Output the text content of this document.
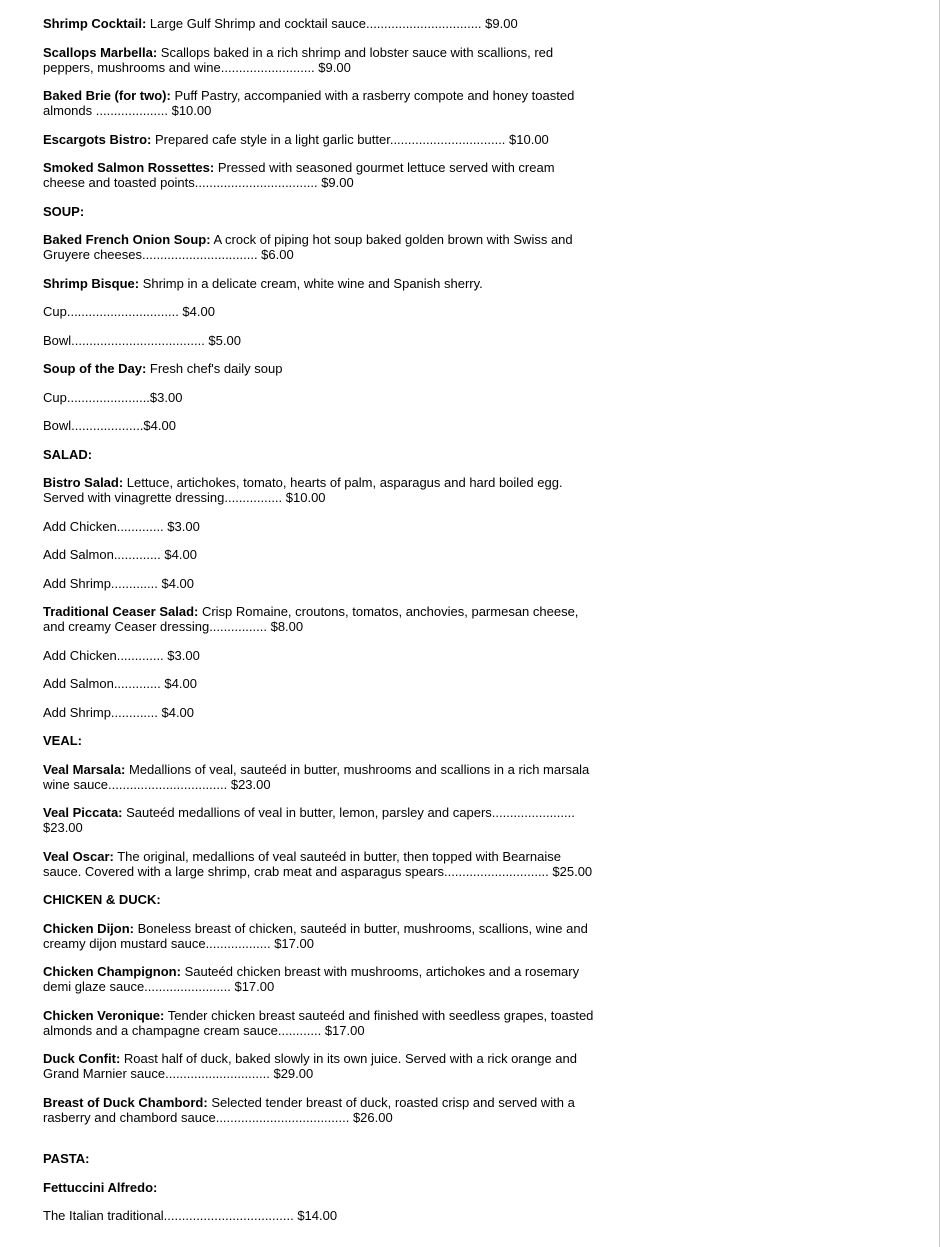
Shrimp Cocktail: Large Gulf Shrimp and cocktail sauce................................ $9.00

Scallops Marbella: Scallops baked in a rich shrimp and lobster sauce with scallions, red peppers, mushrooms and wine.......................... $9.00

Baked Brie (for two): Puff Pastry, accompanied with a rasberry compote and honey toasted almonds .................... $10.00

Escargots Bistro: Prepared cafe style in a light garlic butter................................ $10.00

Smoked Salmon Rossettes: Pressed with seasoned gourmet lettuce served with cream cheese and toasted points.................................. $9.00

SOUP:

Baked French Onion Soup: A crock of piping hot soup baked golden brown with Swiss and Gruyere cheeses................................ $6.00

Shrimp Bisque: Shrimp in a delicate cream, white wine and Spanish sherry.

Cup............................... $4.00

Bowl..................................... $5.00

Soup of the Day: Fresh chef's daily soup

Cup.......................$3.00

Bowl....................$4.00

SALAD:

Bistro Salad: Lettuce, artichokes, tomato, hearts of palm, asparagus and hard boiled egg. Served with vinagrette dressing................ $10.00

Add Chicken............. $3.00

Add Salmon............. $4.00

Add Shrimp............. $4.00

Traditional Ceaser Salad: Crisp Romaine, croutons, tomatos, anchovies, parmesan cheese, and creamy Ceaser dressing................ $8.00

Add Chicken............. $3.00

Add Salmon............. $4.00

Add Shrimp............. $4.00

VEAL:

Veal Marsala: Medallions of veal, sauteéd in butter, mushrooms and scallions in a rich marsala wine sauce................................. $23.00

Veal Piccata: Sauteéd medallions of veal in butter, lemon, parsley and capers....................... $23.00

Veal Oscar: The original, medallions of veal sauteéd in butter, then topped with Bearnaise sauce. Covered with a large shrimp, crab meat and asparagus spears............................. $25.00

CHICKEN & DUCK:

Chicken Dijon: Boneless breast of chicken, sauteéd in butter, mushrooms, scallions, wine and creamy dijon mustard sauce.................. $17.00

Chicken Champignon: Sauteéd chicken breast with mushrooms, artichokes and a rosemary demi glaze sauce........................ $17.00

Chicken Veronique: Tender chicken breast sauteéd and finished with seedless grapes, toasted almonds and a champagne cream sauce............ $17.00

Duck Confit: Roast half of duck, baked slowly in its own juice. Served with a rick orange and Grand Marnier sauce............................. $29.00

Breast of Duck Chambord: Selected tender breast of duck, roasted crisp and served with a rasberry and chambord sauce..................................... $26.00

PASTA:

Fettuccini Alfredo:

The Italian traditional.................................... $14.00
